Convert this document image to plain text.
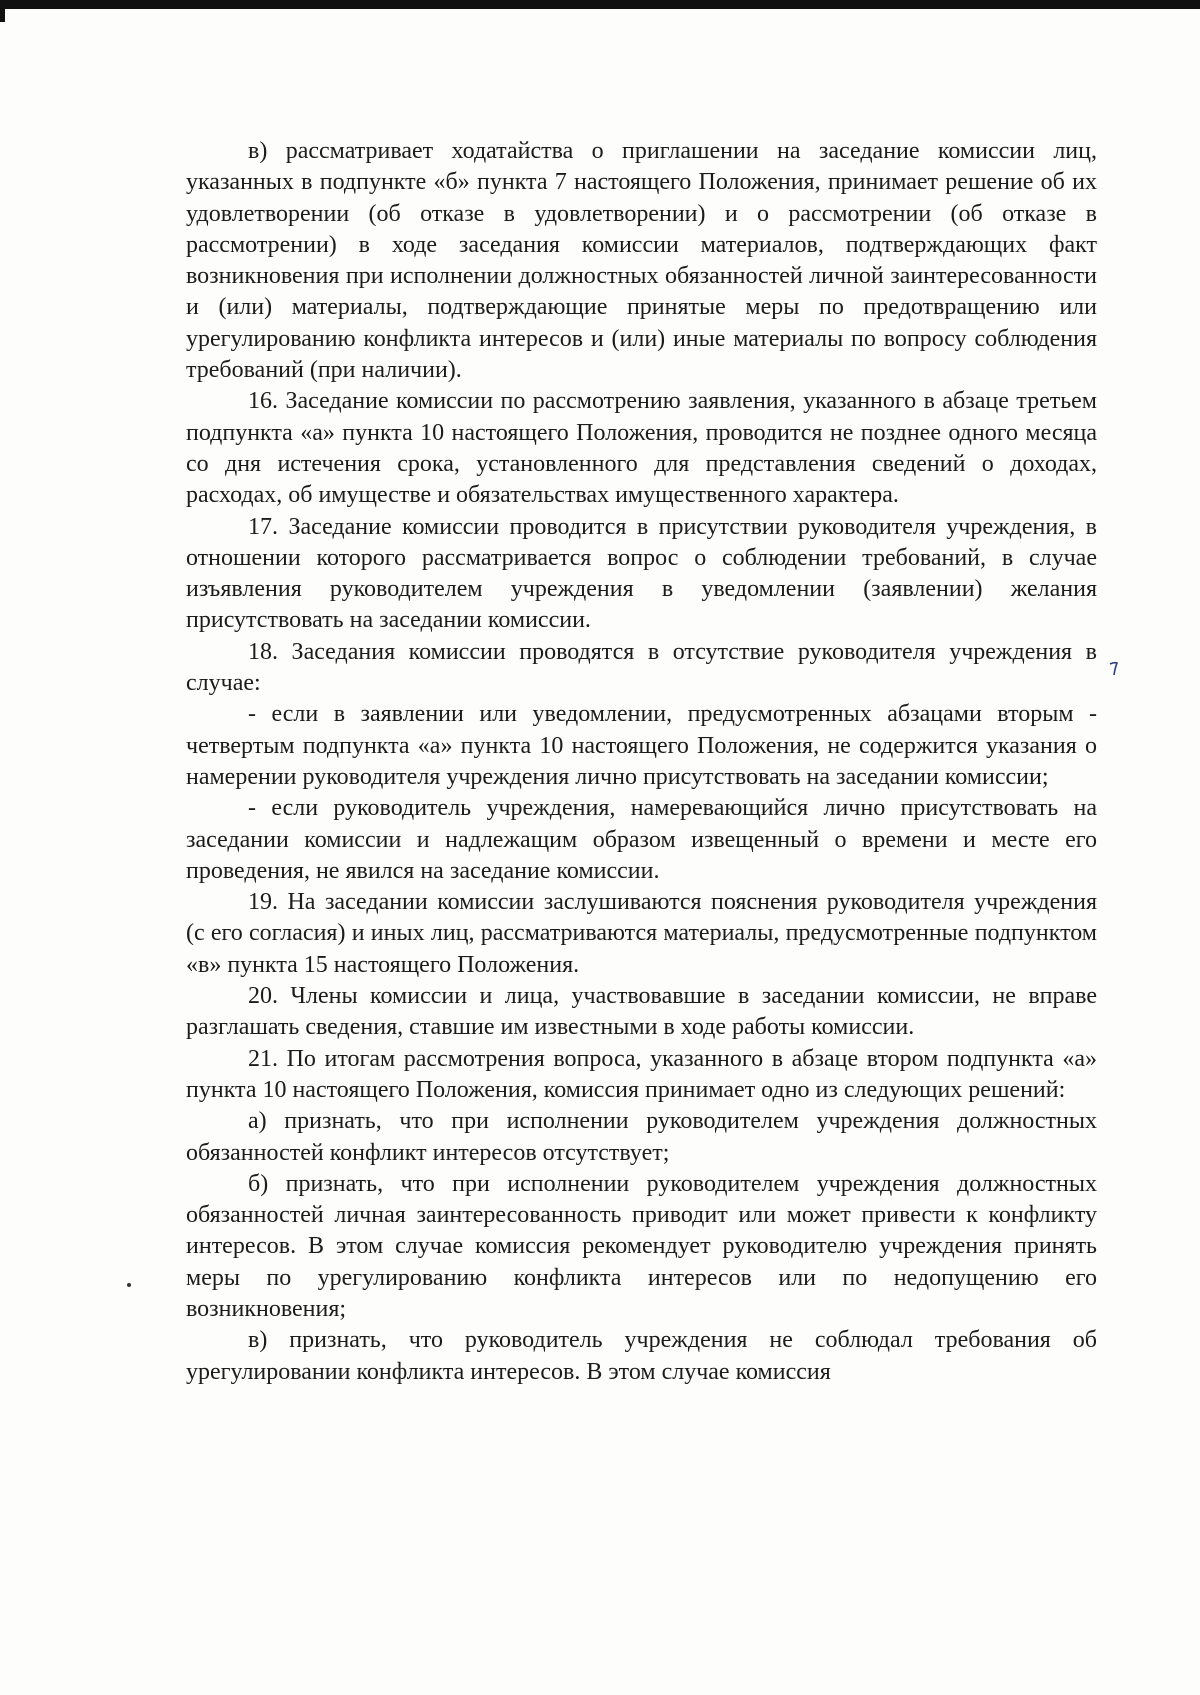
в) рассматривает ходатайства о приглашении на заседание комиссии лиц, указанных в подпункте «б» пункта 7 настоящего Положения, принимает решение об их удовлетворении (об отказе в удовлетворении) и о рассмотрении (об отказе в рассмотрении) в ходе заседания комиссии материалов, подтверждающих факт возникновения при исполнении должностных обязанностей личной заинтересованности и (или) материалы, подтверждающие принятые меры по предотвращению или урегулированию конфликта интересов и (или) иные материалы по вопросу соблюдения требований (при наличии).

16. Заседание комиссии по рассмотрению заявления, указанного в абзаце третьем подпункта «а» пункта 10 настоящего Положения, проводится не позднее одного месяца со дня истечения срока, установленного для представления сведений о доходах, расходах, об имуществе и обязательствах имущественного характера.

17. Заседание комиссии проводится в присутствии руководителя учреждения, в отношении которого рассматривается вопрос о соблюдении требований, в случае изъявления руководителем учреждения в уведомлении (заявлении) желания присутствовать на заседании комиссии.

18. Заседания комиссии проводятся в отсутствие руководителя учреждения в случае:

- если в заявлении или уведомлении, предусмотренных абзацами вторым - четвертым подпункта «а» пункта 10 настоящего Положения, не содержится указания о намерении руководителя учреждения лично присутствовать на заседании комиссии;

- если руководитель учреждения, намеревающийся лично присутствовать на заседании комиссии и надлежащим образом извещенный о времени и месте его проведения, не явился на заседание комиссии.

19. На заседании комиссии заслушиваются пояснения руководителя учреждения (с его согласия) и иных лиц, рассматриваются материалы, предусмотренные подпунктом «в» пункта 15 настоящего Положения.

20. Члены комиссии и лица, участвовавшие в заседании комиссии, не вправе разглашать сведения, ставшие им известными в ходе работы комиссии.

21. По итогам рассмотрения вопроса, указанного в абзаце втором подпункта «а» пункта 10 настоящего Положения, комиссия принимает одно из следующих решений:

а) признать, что при исполнении руководителем учреждения должностных обязанностей конфликт интересов отсутствует;

б) признать, что при исполнении руководителем учреждения должностных обязанностей личная заинтересованность приводит или может привести к конфликту интересов. В этом случае комиссия рекомендует руководителю учреждения принять меры по урегулированию конфликта интересов или по недопущению его возникновения;

в) признать, что руководитель учреждения не соблюдал требования об урегулировании конфликта интересов. В этом случае комиссия
